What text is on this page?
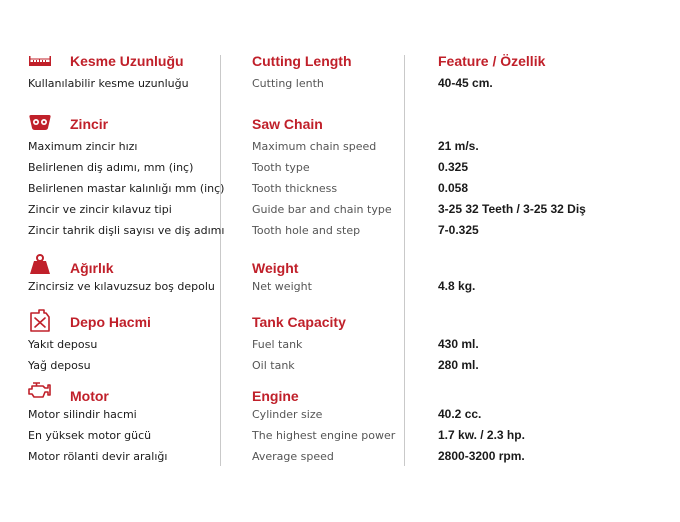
Feature / Özellik
Kesme Uzunluğu	Cutting Length
Kullanılabilir kesme uzunluğu	Cutting lenth	40-45 cm.
Zincir	Saw Chain
Maximum zincir hızı	Maximum chain speed	21 m/s.
Belirlenen diş adımı, mm (inç)	Tooth type	0.325
Belirlenen mastar kalınlığı mm (inç)	Tooth thickness	0.058
Zincir ve zincir kılavuz tipi	Guide bar and chain type	3-25 32 Teeth / 3-25 32 Diş
Zincir tahrik dişli sayısı ve diş adımı	Tooth hole and step	7-0.325
Ağırlık	Weight
Zincirsiz ve kılavuzsuz boş depolu	Net weight	4.8 kg.
Depo Hacmi	Tank Capacity
Yakıt deposu	Fuel tank	430 ml.
Yağ deposu	Oil tank	280 ml.
Motor	Engine
Motor silindir hacmi	Cylinder size	40.2 cc.
En yüksek motor gücü	The highest engine power	1.7 kw. / 2.3 hp.
Motor rölanti devir aralığı	Average speed	2800-3200 rpm.
